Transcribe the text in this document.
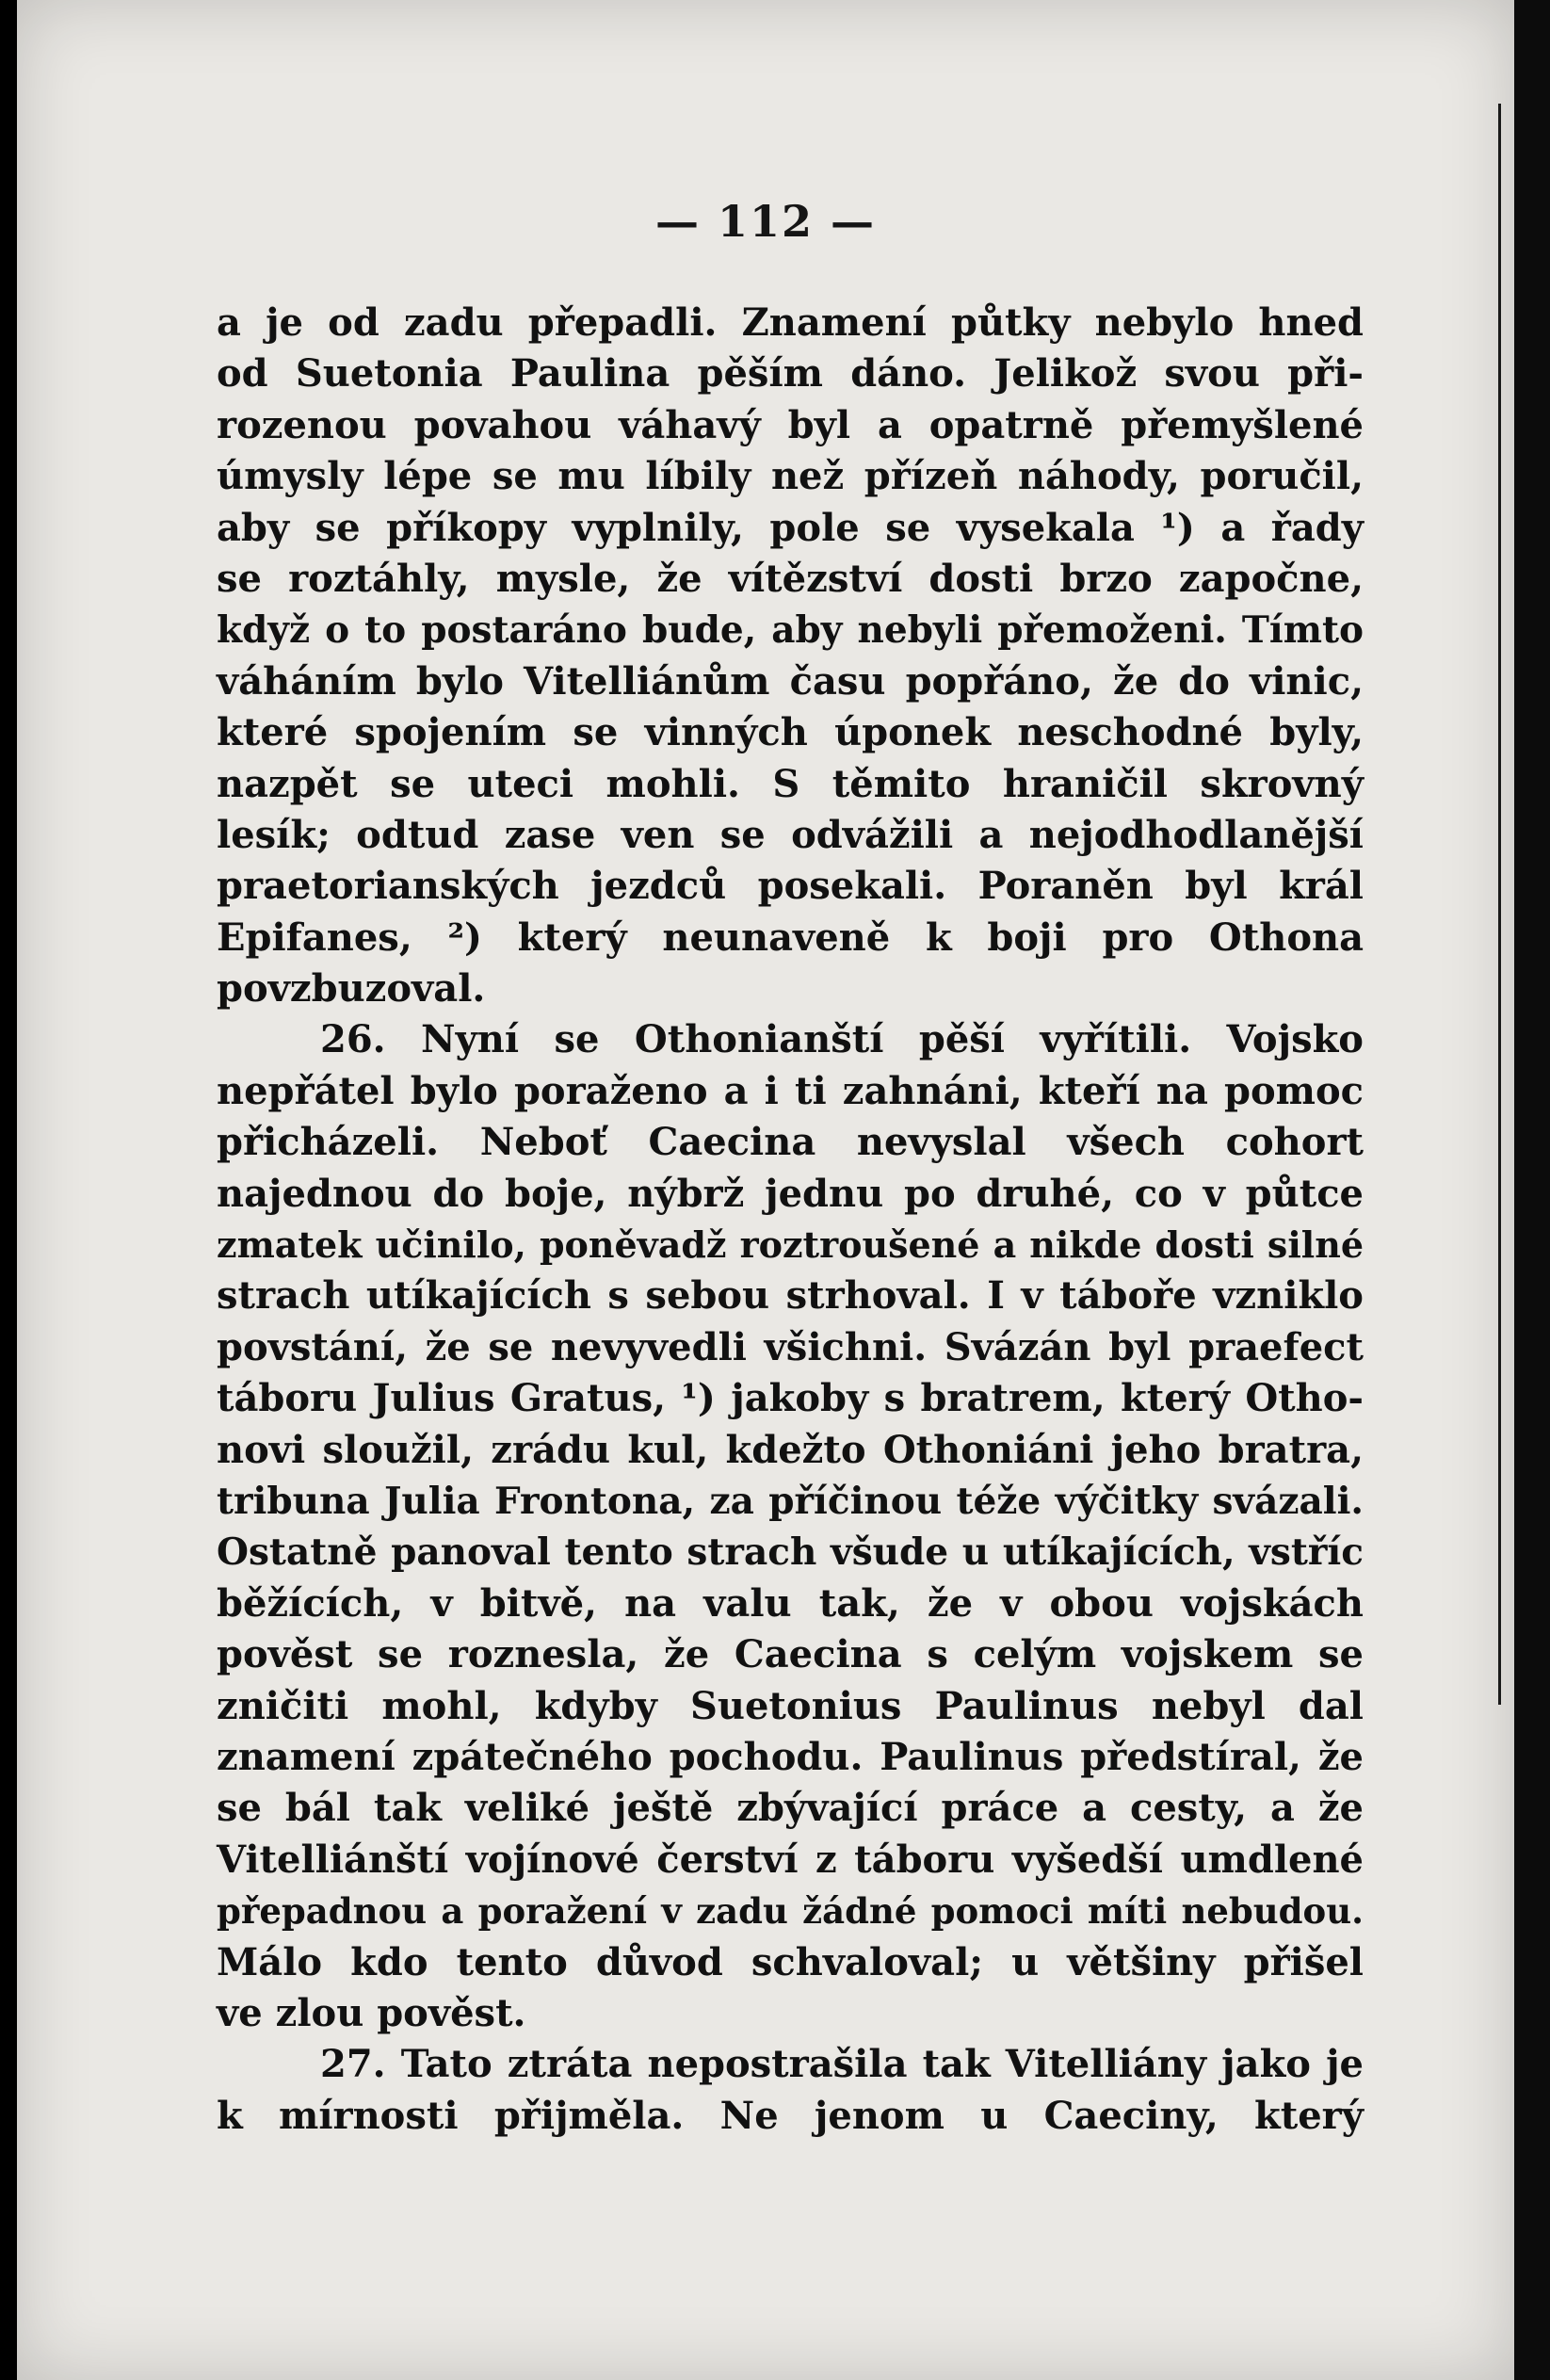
— 112 —
a je od zadu přepadli. Znamení půtky nebylo hned
od Suetonia Paulina pěším dáno. Jelikož svou při-
rozenou povahou váhavý byl a opatrně přemyšlené
úmysly lépe se mu líbily než přízeň náhody, poručil,
aby se příkopy vyplnily, pole se vysekala ¹) a řady
se roztáhly, mysle, že vítězství dosti brzo započne,
když o to postaráno bude, aby nebyli přemoženi. Tímto
váháním bylo Vitelliánům času popřáno, že do vinic,
které spojením se vinných úponek neschodné byly,
nazpět se uteci mohli. S těmito hraničil skrovný
lesík; odtud zase ven se odvážili a nejodhodlanější
praetorianských jezdců posekali. Poraněn byl král
Epifanes, ²) který neunaveně k boji pro Othona
povzbuzoval.
26. Nyní se Othonianští pěší vyřítili. Vojsko
nepřátel bylo poraženo a i ti zahnáni, kteří na pomoc
přicházeli. Neboť Caecina nevyslal všech cohort
najednou do boje, nýbrž jednu po druhé, co v půtce
zmatek učinilo, poněvadž roztroušené a nikde dosti silné
strach utíkajících s sebou strhoval. I v táboře vzniklo
povstání, že se nevyvedli všichni. Svázán byl praefect
táboru Julius Gratus, ¹) jakoby s bratrem, který Otho-
novi sloužil, zrádu kul, kdežto Othoniáni jeho bratra,
tribuna Julia Frontona, za příčinou téže výčitky svázali.
Ostatně panoval tento strach všude u utíkajících, vstříc
běžících, v bitvě, na valu tak, že v obou vojskách
pověst se roznesla, že Caecina s celým vojskem se
zničiti mohl, kdyby Suetonius Paulinus nebyl dal
znamení zpátečného pochodu. Paulinus předstíral, že
se bál tak veliké ještě zbývající práce a cesty, a že
Vitelliánští vojínové čerství z táboru vyšedší umdlené
přepadnou a poražení v zadu žádné pomoci míti nebudou.
Málo kdo tento důvod schvaloval; u většiny přišel
ve zlou pověst.
27. Tato ztráta nepostrašila tak Vitelliány jako je
k mírnosti přijměla. Ne jenom u Caeciny, který
